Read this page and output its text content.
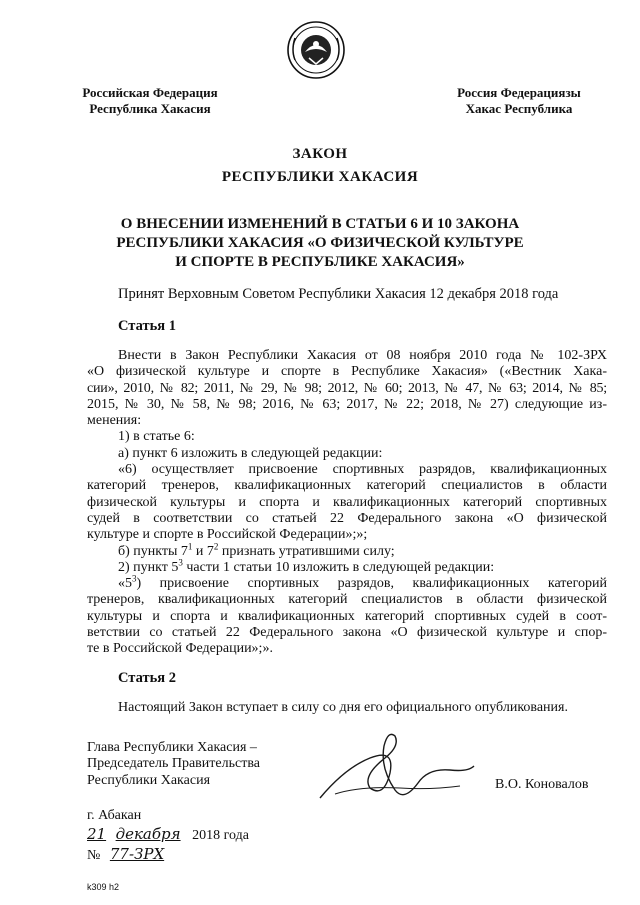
Российская Федерация
Республика Хакасия
Россия Федерациязы
Хакас Республика
ЗАКОН
РЕСПУБЛИКИ ХАКАСИЯ
О ВНЕСЕНИИ ИЗМЕНЕНИЙ В СТАТЬИ 6 И 10 ЗАКОНА
РЕСПУБЛИКИ ХАКАСИЯ «О ФИЗИЧЕСКОЙ КУЛЬТУРЕ
И СПОРТЕ В РЕСПУБЛИКЕ ХАКАСИЯ»
Принят Верховным Советом Республики Хакасия 12 декабря 2018 года
Статья 1
Внести в Закон Республики Хакасия от 08 ноября 2010 года № 102-ЗРХ
«О физической культуре и спорте в Республике Хакасия» («Вестник Хака-
сии», 2010, № 82; 2011, № 29, № 98; 2012, № 60; 2013, № 47, № 63; 2014, № 85;
2015, № 30, № 58, № 98; 2016, № 63; 2017, № 22; 2018, № 27) следующие из-
менения:
1) в статье 6:
а) пункт 6 изложить в следующей редакции:
«6) осуществляет присвоение спортивных разрядов, квалификационных
категорий тренеров, квалификационных категорий специалистов в области
физической культуры и спорта и квалификационных категорий спортивных
судей в соответствии со статьей 22 Федерального закона «О физической
культуре и спорте в Российской Федерации»;»;
б) пункты $7^1$ и $7^2$ признать утратившими силу;
2) пункт $5^3$ части 1 статьи 10 изложить в следующей редакции:
«$5^3$) присвоение спортивных разрядов, квалификационных категорий
тренеров, квалификационных категорий специалистов в области физической
культуры и спорта и квалификационных категорий спортивных судей в соот-
ветствии со статьей 22 Федерального закона «О физической культуре и спор-
те в Российской Федерации»;».
Статья 2
Настоящий Закон вступает в силу со дня его официального опубликования.
Глава Республики Хакасия –
Председатель Правительства
Республики Хакасия	В.О. Коновалов
г. Абакан
21 декабря 2018 года
№ 77-ЗРХ
k309 h2
